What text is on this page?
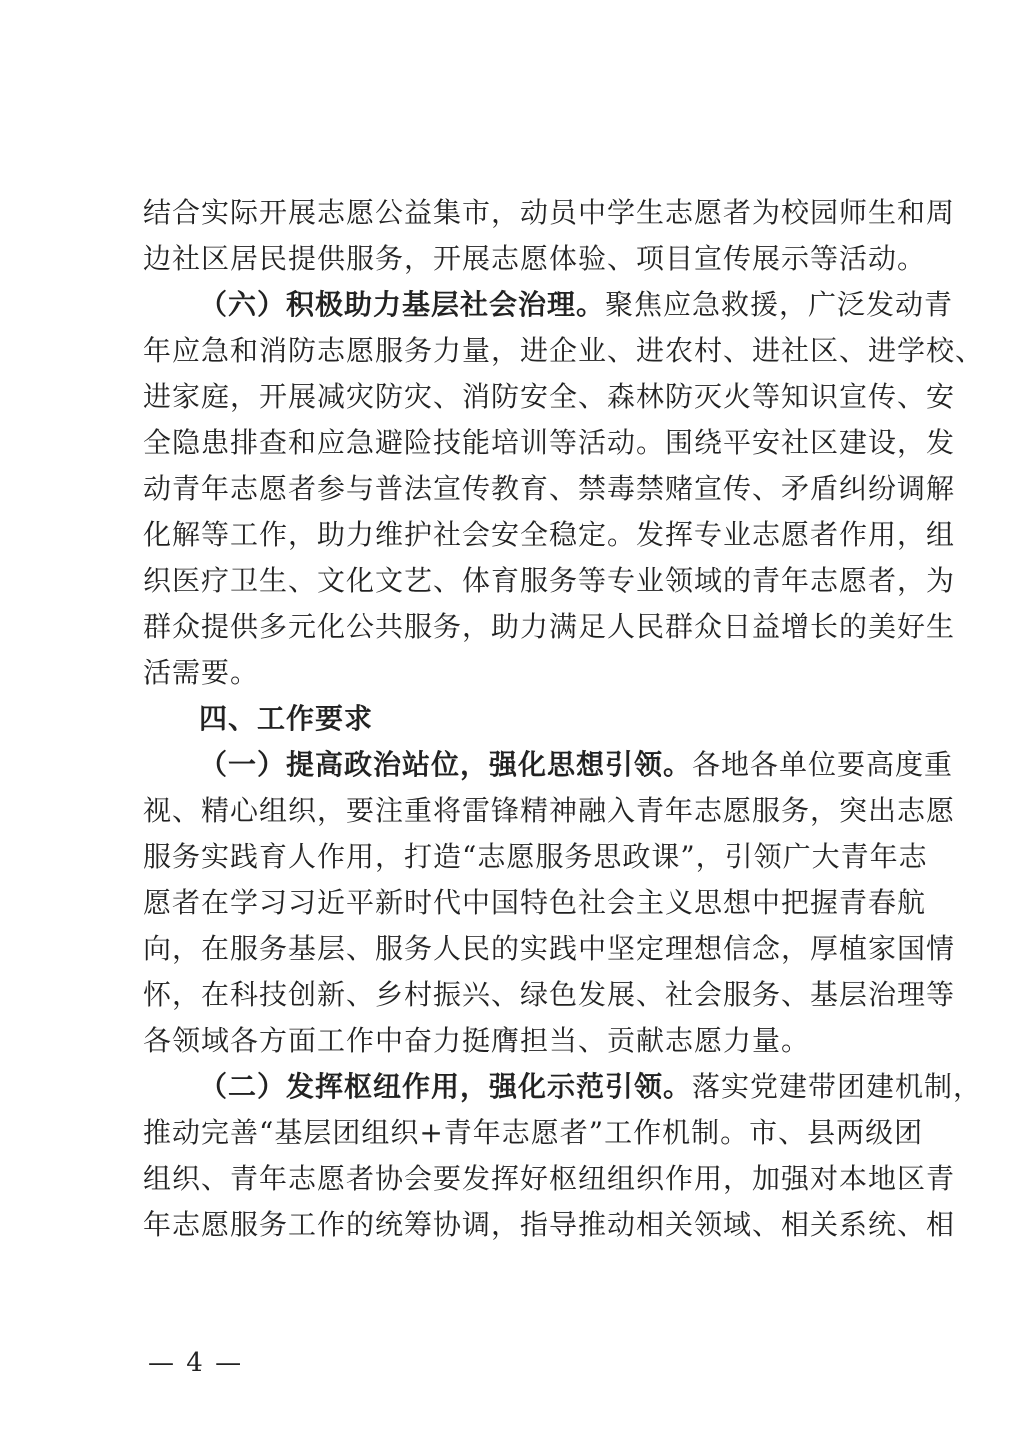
结合实际开展志愿公益集市，动员中学生志愿者为校园师生和周
边社区居民提供服务，开展志愿体验、项目宣传展示等活动。
（六）积极助力基层社会治理。聚焦应急救援，广泛发动青
年应急和消防志愿服务力量，进企业、进农村、进社区、进学校、
进家庭，开展减灾防灾、消防安全、森林防灭火等知识宣传、安
全隐患排查和应急避险技能培训等活动。围绕平安社区建设，发
动青年志愿者参与普法宣传教育、禁毒禁赌宣传、矛盾纠纷调解
化解等工作，助力维护社会安全稳定。发挥专业志愿者作用，组
织医疗卫生、文化文艺、体育服务等专业领域的青年志愿者，为
群众提供多元化公共服务，助力满足人民群众日益增长的美好生
活需要。
四、工作要求
（一）提高政治站位，强化思想引领。各地各单位要高度重
视、精心组织，要注重将雷锋精神融入青年志愿服务，突出志愿
服务实践育人作用，打造“志愿服务思政课”，引领广大青年志
愿者在学习习近平新时代中国特色社会主义思想中把握青春航
向，在服务基层、服务人民的实践中坚定理想信念，厚植家国情
怀，在科技创新、乡村振兴、绿色发展、社会服务、基层治理等
各领域各方面工作中奋力挺膺担当、贡献志愿力量。
（二）发挥枢纽作用，强化示范引领。落实党建带团建机制，
推动完善“基层团组织+青年志愿者”工作机制。市、县两级团
组织、青年志愿者协会要发挥好枢纽组织作用，加强对本地区青
年志愿服务工作的统筹协调，指导推动相关领域、相关系统、相
— 4 —
